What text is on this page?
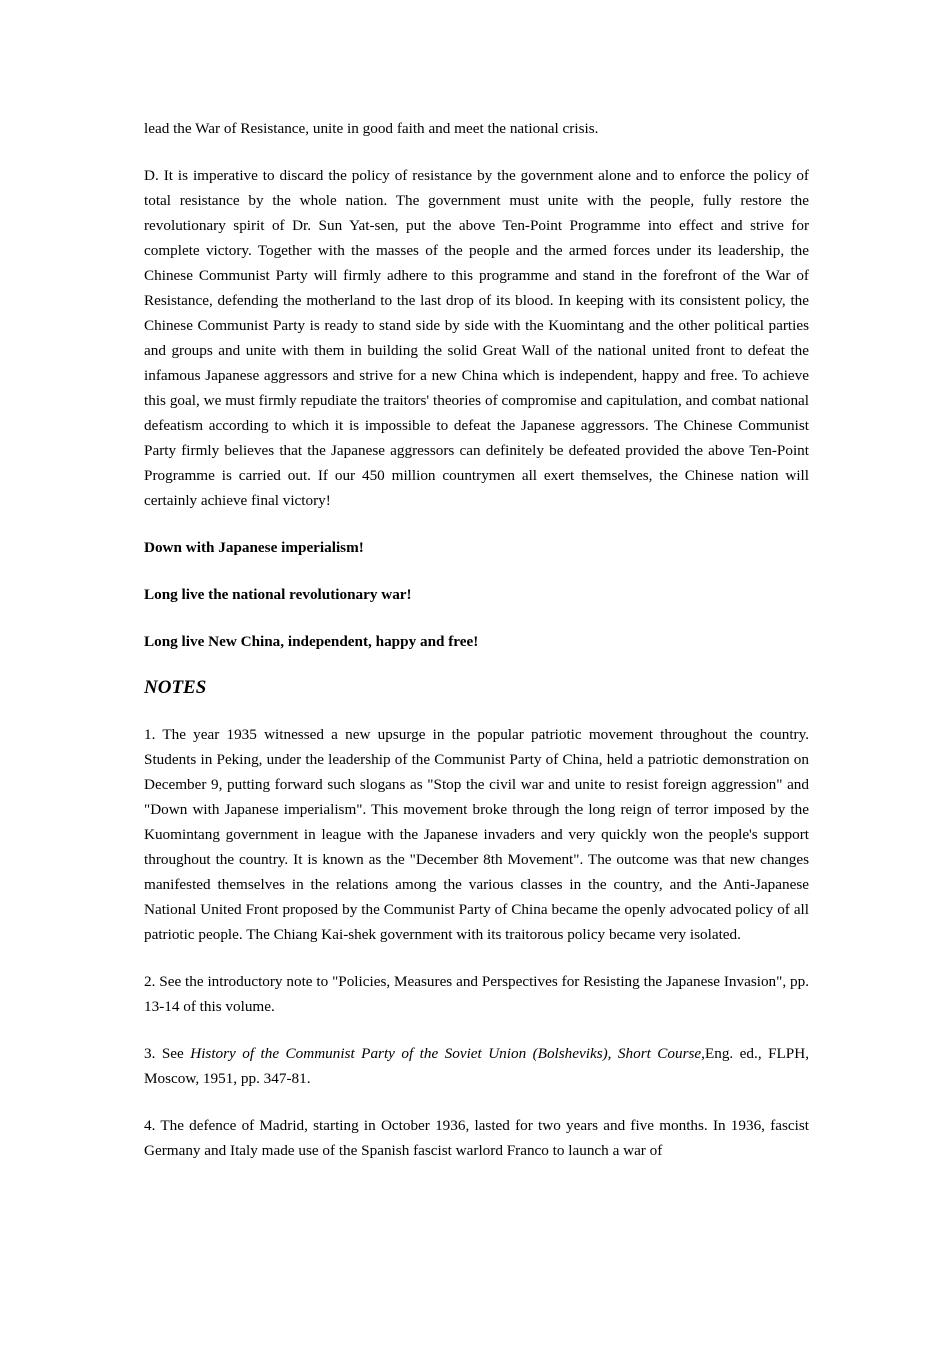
lead the War of Resistance, unite in good faith and meet the national crisis.

D. It is imperative to discard the policy of resistance by the government alone and to enforce the policy of total resistance by the whole nation. The government must unite with the people, fully restore the revolutionary spirit of Dr. Sun Yat-sen, put the above Ten-Point Programme into effect and strive for complete victory. Together with the masses of the people and the armed forces under its leadership, the Chinese Communist Party will firmly adhere to this programme and stand in the forefront of the War of Resistance, defending the motherland to the last drop of its blood. In keeping with its consistent policy, the Chinese Communist Party is ready to stand side by side with the Kuomintang and the other political parties and groups and unite with them in building the solid Great Wall of the national united front to defeat the infamous Japanese aggressors and strive for a new China which is independent, happy and free. To achieve this goal, we must firmly repudiate the traitors' theories of compromise and capitulation, and combat national defeatism according to which it is impossible to defeat the Japanese aggressors. The Chinese Communist Party firmly believes that the Japanese aggressors can definitely be defeated provided the above Ten-Point Programme is carried out. If our 450 million countrymen all exert themselves, the Chinese nation will certainly achieve final victory!

Down with Japanese imperialism!

Long live the national revolutionary war!

Long live New China, independent, happy and free!

NOTES

1. The year 1935 witnessed a new upsurge in the popular patriotic movement throughout the country. Students in Peking, under the leadership of the Communist Party of China, held a patriotic demonstration on December 9, putting forward such slogans as "Stop the civil war and unite to resist foreign aggression" and "Down with Japanese imperialism". This movement broke through the long reign of terror imposed by the Kuomintang government in league with the Japanese invaders and very quickly won the people's support throughout the country. It is known as the "December 8th Movement". The outcome was that new changes manifested themselves in the relations among the various classes in the country, and the Anti-Japanese National United Front proposed by the Communist Party of China became the openly advocated policy of all patriotic people. The Chiang Kai-shek government with its traitorous policy became very isolated.

2. See the introductory note to "Policies, Measures and Perspectives for Resisting the Japanese Invasion", pp. 13-14 of this volume.

3. See History of the Communist Party of the Soviet Union (Bolsheviks), Short Course,Eng. ed., FLPH, Moscow, 1951, pp. 347-81.

4. The defence of Madrid, starting in October 1936, lasted for two years and five months. In 1936, fascist Germany and Italy made use of the Spanish fascist warlord Franco to launch a war of
